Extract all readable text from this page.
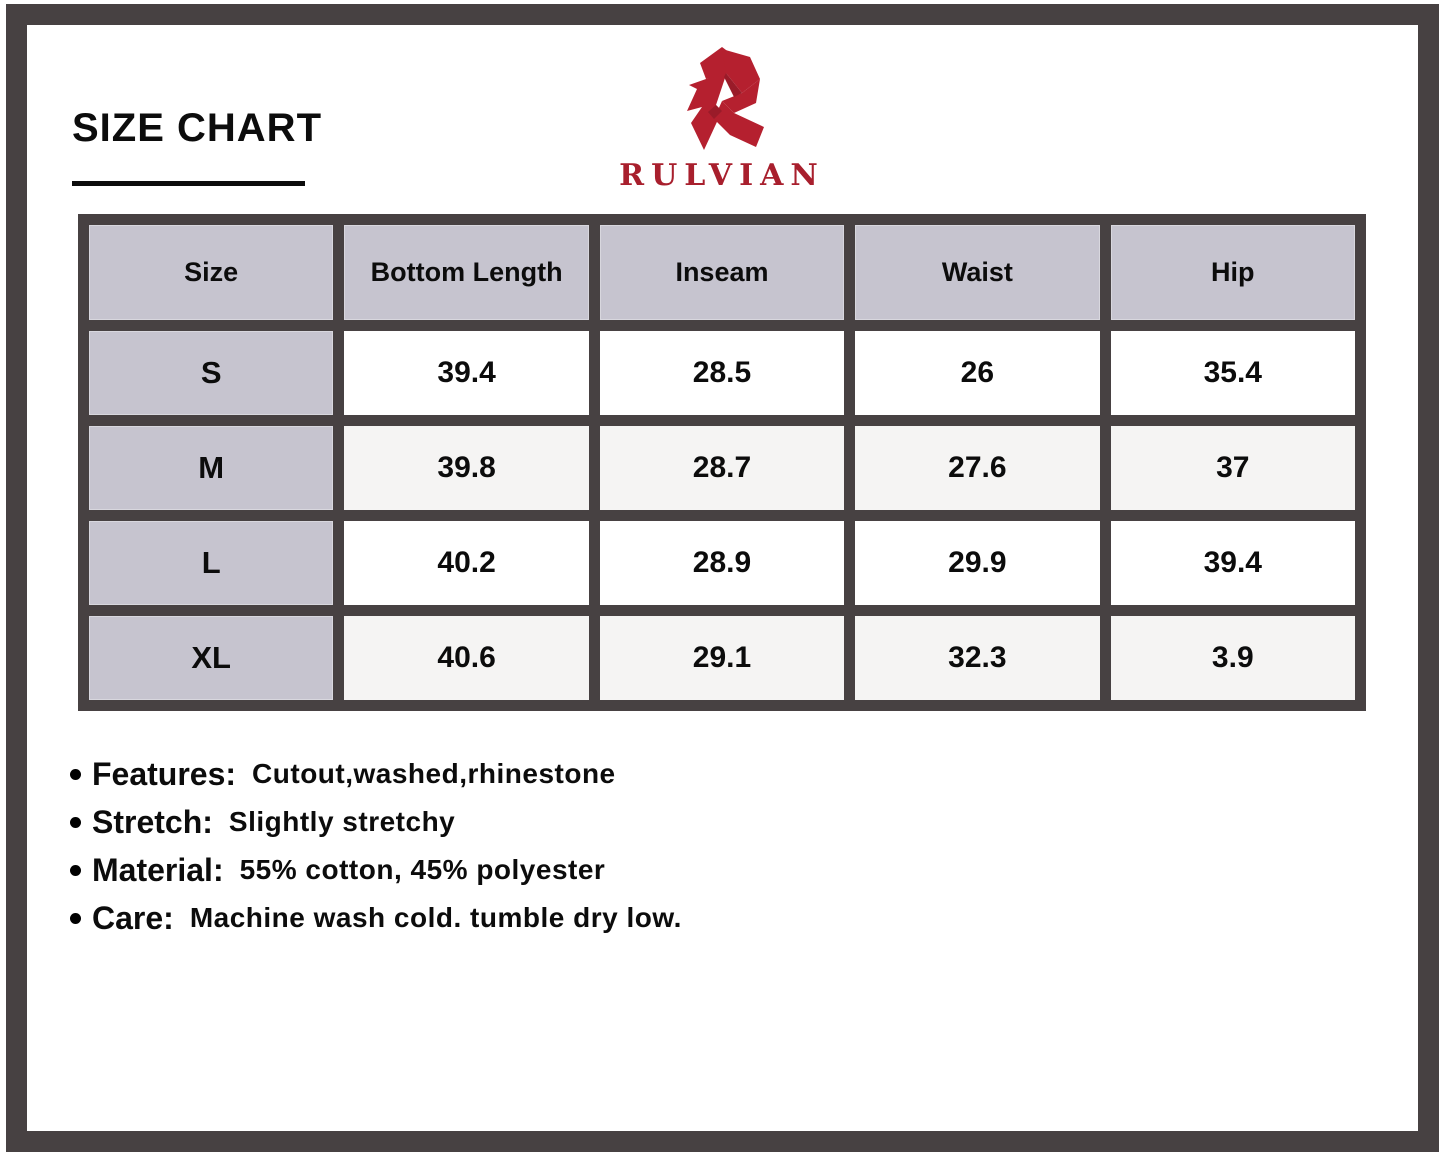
SIZE CHART
RULVIAN
Size	Bottom Length	Inseam	Waist	Hip
S	39.4	28.5	26	35.4
M	39.8	28.7	27.6	37
L	40.2	28.9	29.9	39.4
XL	40.6	29.1	32.3	3.9
Features: Cutout,washed,rhinestone
Stretch: Slightly stretchy
Material: 55% cotton, 45% polyester
Care: Machine wash cold. tumble dry low.
